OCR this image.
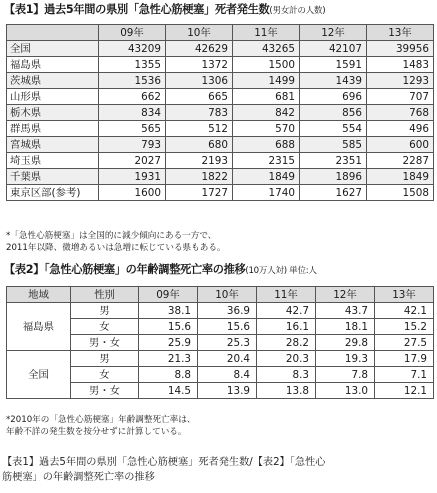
【表1】過去5年間の県別「急性心筋梗塞」死者発生数(男女計の人数)
	09年	10年	11年	12年	13年
全国	43209	42629	43265	42107	39956
福島県	1355	1372	1500	1591	1483
茨城県	1536	1306	1499	1439	1293
山形県	662	665	681	696	707
栃木県	834	783	842	856	768
群馬県	565	512	570	554	496
宮城県	793	680	688	585	600
埼玉県	2027	2193	2315	2351	2287
千葉県	1931	1822	1849	1896	1849
東京区部(参考)	1600	1727	1740	1627	1508
*「急性心筋梗塞」は全国的に減少傾向にある一方で、
2011年以降、微増あるいは急増に転じている県もある。
【表2】「急性心筋梗塞」の年齢調整死亡率の推移(10万人対) 単位:人
地域	性別	09年	10年	11年	12年	13年
福島県	男	38.1	36.9	42.7	43.7	42.1
	女	15.6	15.6	16.1	18.1	15.2
	男・女	25.9	25.3	28.2	29.8	27.5
全国	男	21.3	20.4	20.3	19.3	17.9
	女	8.8	8.4	8.3	7.8	7.1
	男・女	14.5	13.9	13.8	13.0	12.1
*2010年の「急性心筋梗塞」年齢調整死亡率は、
年齢不詳の発生数を按分せずに計算している。
【表1】過去5年間の県別「急性心筋梗塞」死者発生数/【表2】「急性心
筋梗塞」の年齢調整死亡率の推移
